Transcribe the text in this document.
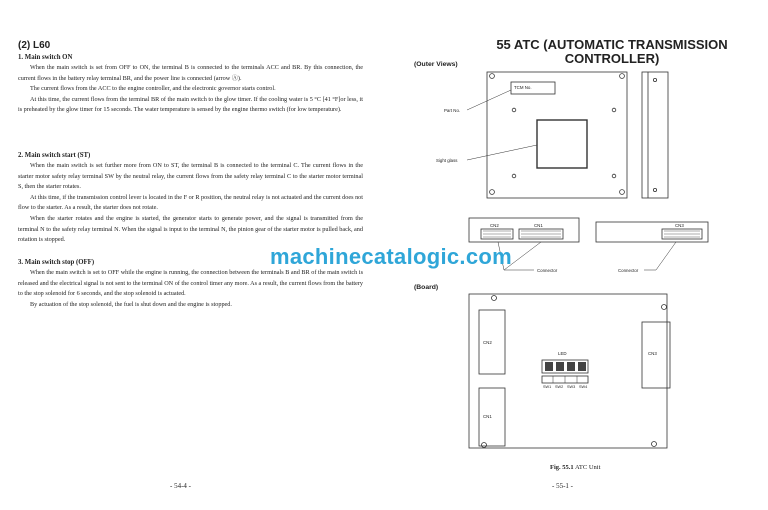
(2) L60
1. Main switch ON

When the main switch is set from OFF to ON, the terminal B is connected to the terminals ACC and BR. By this connection, the current flows in the battery relay terminal BR, and the power line is connected (arrow Ⓐ).

The current flows from the ACC to the engine controller, and the electronic governor starts control.

At this time, the current flows from the terminal BR of the main switch to the glow timer. If the cooling water is 5 °C [41 °F]or less, it is preheated by the glow timer for 15 seconds. The water temperature is sensed by the engine thermo switch (for low temperature).

2. Main switch start (ST)

When the main switch is set further more from ON to ST, the terminal B is connected to the terminal C. The current flows in the starter motor safety relay terminal SW by the neutral relay, the current flows from the safety relay terminal C to the starter motor terminal S, then the starter rotates.

At this time, if the transmission control lever is located in the F or R position, the neutral relay is not actuated and the current does not flow to the starter. As a result, the starter does not rotate.

When the starter rotates and the engine is started, the generator starts to generate power, and the signal is transmitted from the terminal N to the safety relay terminal N. When the signal is input to the terminal N, the pinion gear of the starter motor is pulled back, and rotation is stopped.

3. Main switch stop (OFF)

When the main switch is set to OFF while the engine is running, the connection between the terminals B and BR of the main switch is released and the electrical signal is not sent to the terminal ON of the control timer any more. As a result, the current flows from the battery to the stop solenoid for 6 seconds, and the stop solenoid is actuated.

By actuation of the stop solenoid, the fuel is shut down and the engine is stopped.

- 54-4 -
55 ATC (AUTOMATIC TRANSMISSION
CONTROLLER)
(Outer Views)
(Board)
Part No.
Sight glass
TCM No.
CN2	CN1	CN3
Connector	Connector
CN2
CN1
CN3
LED
SW1 SW2 SW3 SW4
Fig. 55.1 ATC Unit
- 55-1 -
machinecatalogic.com
